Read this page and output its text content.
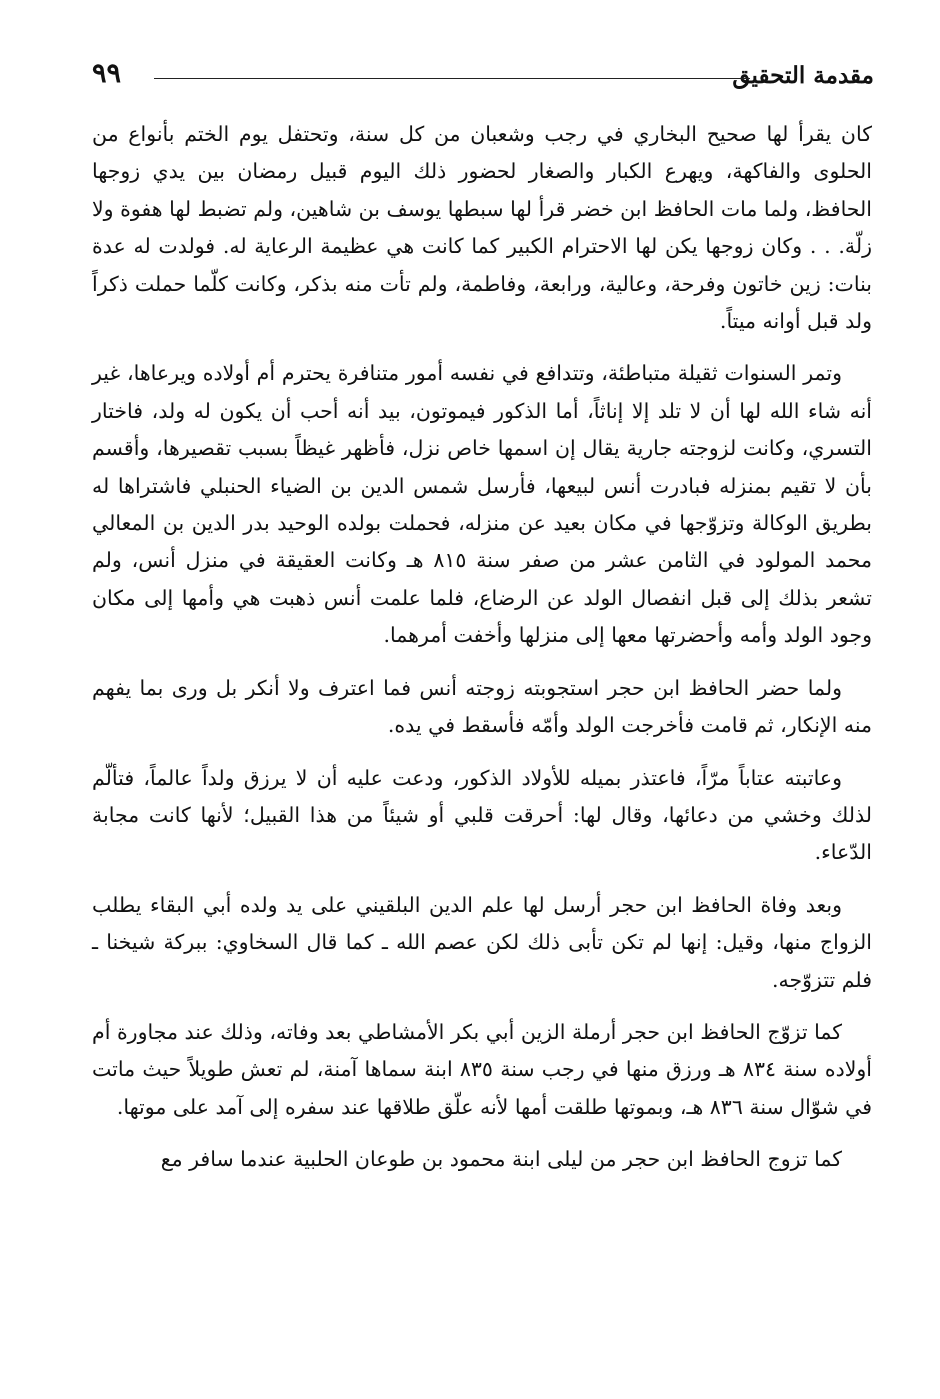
مقدمة التحقيق
٩٩

كان يقرأ لها صحيح البخاري في رجب وشعبان من كل سنة، وتحتفل يوم الختم بأنواع من الحلوى والفاكهة، ويهرع الكبار والصغار لحضور ذلك اليوم قبيل رمضان بين يدي زوجها الحافظ، ولما مات الحافظ ابن خضر قرأ لها سبطها يوسف بن شاهين، ولم تضبط لها هفوة ولا زلّة. . . وكان زوجها يكن لها الاحترام الكبير كما كانت هي عظيمة الرعاية له. فولدت له عدة بنات: زين خاتون وفرحة، وعالية، ورابعة، وفاطمة، ولم تأت منه بذكر، وكانت كلّما حملت ذكراً ولد قبل أوانه ميتاً.

وتمر السنوات ثقيلة متباطئة، وتتدافع في نفسه أمور متنافرة يحترم أم أولاده ويرعاها، غير أنه شاء الله لها أن لا تلد إلا إناثاً، أما الذكور فيموتون، بيد أنه أحب أن يكون له ولد، فاختار التسري، وكانت لزوجته جارية يقال إن اسمها خاص نزل، فأظهر غيظاً بسبب تقصيرها، وأقسم بأن لا تقيم بمنزله فبادرت أنس لبيعها، فأرسل شمس الدين بن الضياء الحنبلي فاشتراها له بطريق الوكالة وتزوّجها في مكان بعيد عن منزله، فحملت بولده الوحيد بدر الدين بن المعالي محمد المولود في الثامن عشر من صفر سنة ٨١٥ هـ وكانت العقيقة في منزل أنس، ولم تشعر بذلك إلى قبل انفصال الولد عن الرضاع، فلما علمت أنس ذهبت هي وأمها إلى مكان وجود الولد وأمه وأحضرتها معها إلى منزلها وأخفت أمرهما.

ولما حضر الحافظ ابن حجر استجوبته زوجته أنس فما اعترف ولا أنكر بل ورى بما يفهم منه الإنكار، ثم قامت فأخرجت الولد وأمّه فأسقط في يده.

وعاتبته عتاباً مرّاً، فاعتذر بميله للأولاد الذكور، ودعت عليه أن لا يرزق ولداً عالماً، فتألّم لذلك وخشي من دعائها، وقال لها: أحرقت قلبي أو شيئاً من هذا القبيل؛ لأنها كانت مجابة الدّعاء.

وبعد وفاة الحافظ ابن حجر أرسل لها علم الدين البلقيني على يد ولده أبي البقاء يطلب الزواج منها، وقيل: إنها لم تكن تأبى ذلك لكن عصم الله ـ كما قال السخاوي: ببركة شيخنا ـ فلم تتزوّجه.

كما تزوّج الحافظ ابن حجر أرملة الزين أبي بكر الأمشاطي بعد وفاته، وذلك عند مجاورة أم أولاده سنة ٨٣٤ هـ ورزق منها في رجب سنة ٨٣٥ ابنة سماها آمنة، لم تعش طويلاً حيث ماتت في شوّال سنة ٨٣٦ هـ، وبموتها طلقت أمها لأنه علّق طلاقها عند سفره إلى آمد على موتها.

كما تزوج الحافظ ابن حجر من ليلى ابنة محمود بن طوعان الحلبية عندما سافر مع
